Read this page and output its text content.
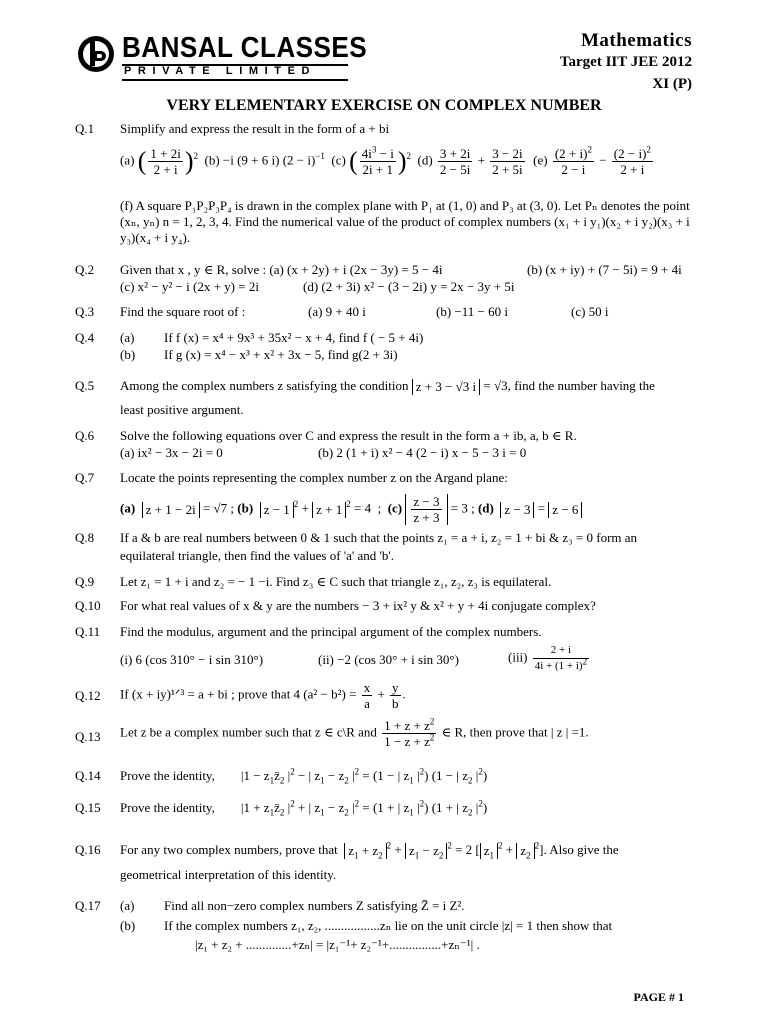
BANSAL CLASSES
PRIVATE LIMITED
Mathematics
Target IIT JEE 2012
XI (P)
VERY ELEMENTARY EXERCISE ON COMPLEX NUMBER
Q.1	Simplify and express the result in the form of a + bi
(a) ( $\frac{1 + 2i}{2 + i} )^2$  (b) −i (9 + 6 i) $(2 - i)^{-1}$  (c) ( $\frac{4i^3 - i}{2i + 1} )^2$  $(d) \frac{3 + 2i}{2 - 5i} + \frac{3 - 2i}{2 + 5i} (e) \frac{(2 + i)^2}{2 - i} - \frac{(2 - i)^2}{2 + i}$
(f) A square P₁P₂P₃P₄ is drawn in the complex plane with P₁ at (1, 0) and P₃ at (3, 0). Let Pₙ denotes the point (xₙ, yₙ) n = 1, 2, 3, 4. Find the numerical value of the product of complex numbers (x₁ + i y₁)(x₂ + i y₂)(x₃ + i y₃)(x₄ + i y₄).
Q.2	Given that x , y ∈ R, solve : (a) (x + 2y) + i (2x − 3y) = 5 − 4i	(b) (x + iy) + (7 − 5i) = 9 + 4i
(c) x² − y² − i (2x + y) = 2i	(d) (2 + 3i) x² − (3 − 2i) y = 2x − 3y + 5i
Q.3	Find the square root of :	(a) 9 + 40 i	(b) −11 − 60 i	(c) 50 i
Q.4	(a) If f (x) = x⁴ + 9x³ + 35x² − x + 4, find f ( − 5 + 4i)
(b) If g (x) = x⁴ − x³ + x² + 3x − 5, find g(2 + 3i)
Q.5	Among the complex numbers z satisfying the condition z + 3 − √3 i = √3, find the number having the
least positive argument.
Q.6	Solve the following equations over C and express the result in the form a + ib, a, b ∈ R.
(a) ix² − 3x − 2i = 0	(b) 2 (1 + i) x² − 4 (2 − i) x − 5 − 3 i = 0
Q.7	Locate the points representing the complex number z on the Argand plane:
(a) z + 1 − 2i = √7 ; (b) z − 1 $^2$ + z + 1 $^2$ = 4  ;  $(c) \frac{z - 3}{z + 3} = 3$ ; (d) z − 3 = z − 6
Q.8	If a & b are real numbers between 0 & 1 such that the points z₁ = a + i, z₂ = 1 + bi & z₃ = 0 form an
equilateral triangle, then find the values of 'a' and 'b'.
Q.9	Let z₁ = 1 + i and z₂ = − 1 −i. Find z₃ ∈ C such that triangle z₁, z₂, z₃ is equilateral.
Q.10	For what real values of x & y are the numbers − 3 + ix² y & x² + y + 4i conjugate complex?
Q.11	Find the modulus, argument and the principal argument of the complex numbers.
(i) 6 (cos 310° − i sin 310°)	(ii) −2 (cos 30° + i sin 30°)	$(iii) \frac{2 + i}{4i + (1 + i)^2}$
Q.12	If (x + iy)¹ᐟ³ = a + bi ; prove that 4 $(a^2 - b^2) = \frac{x}{a} + \frac{y}{b}$ .
Q.13	Let z be a complex number such that z ∈ c\R and $\frac{1 + z + z^2}{1 - z + z^2}$ ∈ R, then prove that | z | =1.
Q.14	Prove the identity,        $|1 - z_1z̄_2$ $|^2$ − | $z_1 - z_2$ $|^2 = (1$ − | $z_1$ $|^2$) (1 − | $z_2$ $|^2$)
Q.15	Prove the identity,        $|1 + z_1z̄_2$ $|^2$ + | $z_1 - z_2$ $|^2 = (1$ + | $z_1$ $|^2$) (1 + | $z_2$ $|^2$)
Q.16	For any two complex numbers, prove that $z_1 + z_2^2 + z_1 - z_2^2 = 2$ [ $z_1^2 + z_2^2$]. Also give the
geometrical interpretation of this identity.
Q.17	(a) Find all non−zero complex numbers Z satisfying Z̄ = i Z².
(b) If the complex numbers z₁, z₂, .................zₙ lie on the unit circle |z| = 1 then show that
|z₁ + z₂ + ..............+zₙ| = |z₁⁻¹+ z₂⁻¹+................+zₙ⁻¹| .
PAGE # 1
